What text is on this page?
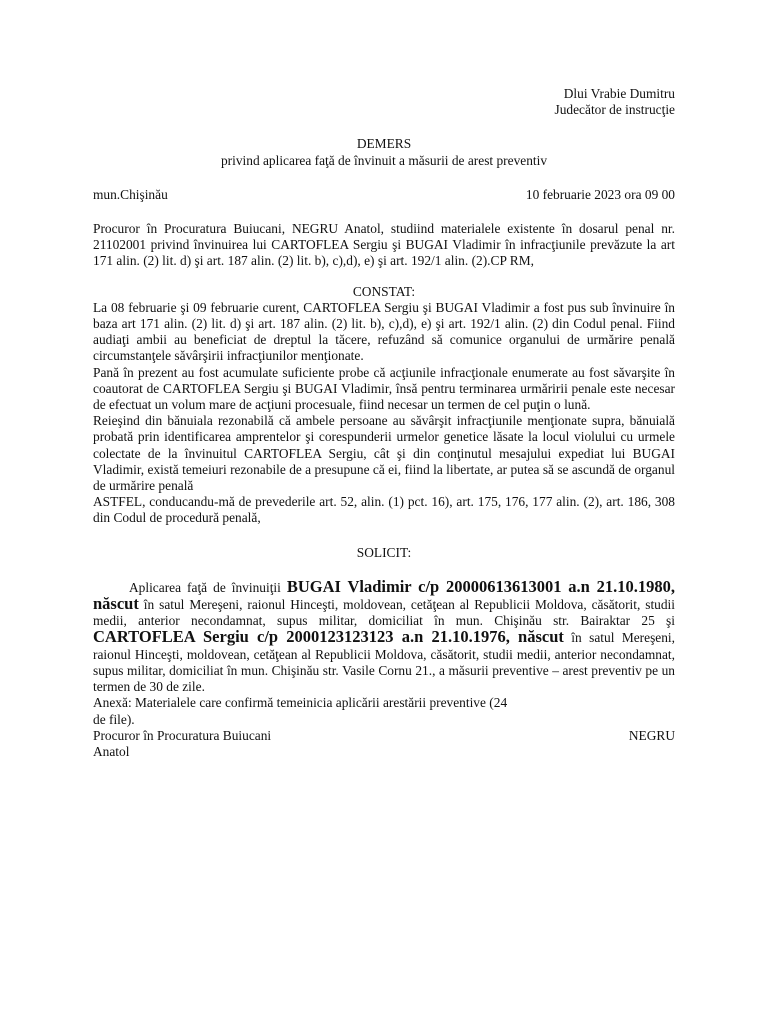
Dlui Vrabie Dumitru
Judecător de instrucţie
DEMERS
privind aplicarea faţă de învinuit a măsurii de arest preventiv
mun.Chişinău	10 februarie 2023 ora 09 00

Procuror în Procuratura Buiucani, NEGRU Anatol, studiind materialele existente în dosarul penal nr. 21102001 privind învinuirea lui CARTOFLEA Sergiu şi BUGAI Vladimir în infracţiunile prevăzute la art 171 alin. (2) lit. d) şi art. 187 alin. (2) lit. b), c),d), e) şi art. 192/1 alin. (2).CP RM,

CONSTAT:

La 08 februarie şi 09 februarie curent, CARTOFLEA Sergiu şi BUGAI Vladimir a fost pus sub învinuire în baza art 171 alin. (2) lit. d) şi art. 187 alin. (2) lit. b), c),d), e) şi art. 192/1 alin. (2) din Codul penal. Fiind audiaţi ambii au beneficiat de dreptul la tăcere, refuzând să comunice organului de urmărire penală circumstanţele săvârşirii infracţiunilor menţionate.

Pană în prezent au fost acumulate suficiente probe că acţiunile infracţionale enumerate au fost săvarşite în coautorat de CARTOFLEA Sergiu şi BUGAI Vladimir, însă pentru terminarea urmăririi penale este necesar de efectuat un volum mare de acţiuni procesuale, fiind necesar un termen de cel puţin o lună.

Reieşind din bănuiala rezonabilă că ambele persoane au săvârşit infracţiunile menţionate supra, bănuială probată prin identificarea amprentelor şi corespunderii urmelor genetice lăsate la locul violului cu urmele colectate de la învinuitul CARTOFLEA Sergiu, cât şi din conţinutul mesajului expediat lui BUGAI Vladimir, există temeiuri rezonabile de a presupune că ei, fiind la libertate, ar putea să se ascundă de organul de urmărire penală

ASTFEL, conducandu-mă de prevederile art. 52, alin. (1) pct. 16), art. 175, 176, 177 alin. (2), art. 186, 308 din Codul de procedură penală,

SOLICIT:

Aplicarea faţă de învinuiţii BUGAI Vladimir c/p 20000613613001 a.n 21.10.1980, născut în satul Mereşeni, raionul Hinceşti, moldovean, cetăţean al Republicii Moldova, căsătorit, studii medii, anterior necondamnat, supus militar, domiciliat în mun. Chişinău str. Bairaktar 25 şi CARTOFLEA Sergiu c/p 2000123123123 a.n 21.10.1976, născut în satul Mereşeni, raionul Hinceşti, moldovean, cetăţean al Republicii Moldova, căsătorit, studii medii, anterior necondamnat, supus militar, domiciliat în mun. Chişinău str. Vasile Cornu 21., a măsurii preventive – arest preventiv pe un termen de 30 de zile.

Anexă: Materialele care confirmă temeinicia aplicării arestării preventive (24
de file).
Procuror în Procuratura Buiucani	NEGRU
Anatol
